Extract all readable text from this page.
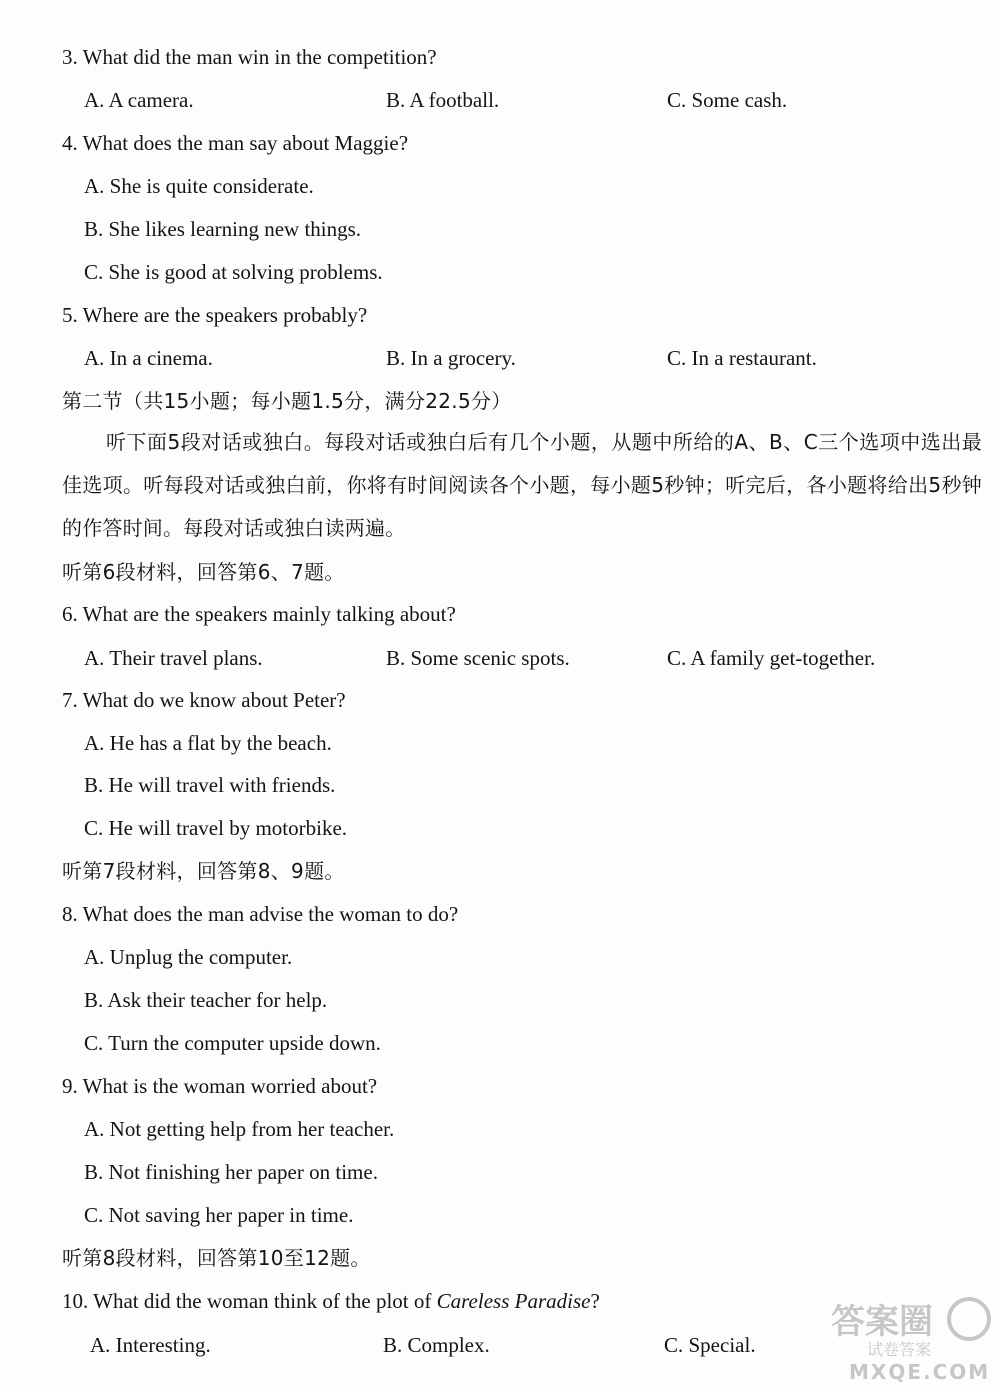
3. What did the man win in the competition?
A. A camera.	B. A football.	C. Some cash.
4. What does the man say about Maggie?
A. She is quite considerate.
B. She likes learning new things.
C. She is good at solving problems.
5. Where are the speakers probably?
A. In a cinema.	B. In a grocery.	C. In a restaurant.
第二节（共15小题；每小题1.5分，满分22.5分）
听下面5段对话或独白。每段对话或独白后有几个小题，从题中所给的A、B、C三个选项中选出最佳选项。听每段对话或独白前，你将有时间阅读各个小题，每小题5秒钟；听完后，各小题将给出5秒钟的作答时间。每段对话或独白读两遍。
听第6段材料，回答第6、7题。
6. What are the speakers mainly talking about?
A. Their travel plans.	B. Some scenic spots.	C. A family get-together.
7. What do we know about Peter?
A. He has a flat by the beach.
B. He will travel with friends.
C. He will travel by motorbike.
听第7段材料，回答第8、9题。
8. What does the man advise the woman to do?
A. Unplug the computer.
B. Ask their teacher for help.
C. Turn the computer upside down.
9. What is the woman worried about?
A. Not getting help from her teacher.
B. Not finishing her paper on time.
C. Not saving her paper in time.
听第8段材料，回答第10至12题。
10. What did the woman think of the plot of Careless Paradise?
A. Interesting.	B. Complex.	C. Special.
答案圈
试卷答案
MXQE.COM
